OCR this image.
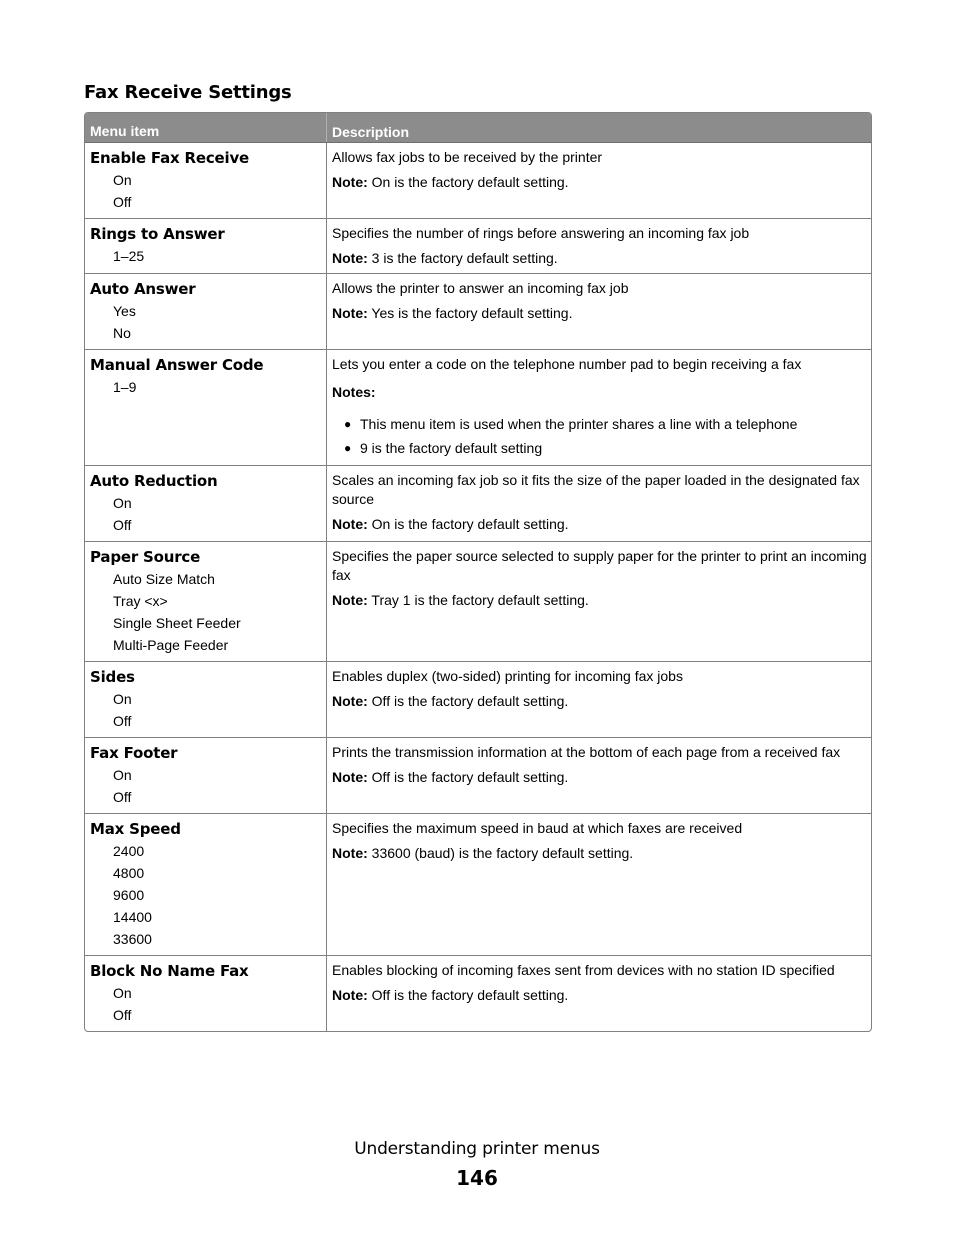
Fax Receive Settings
Menu item	Description
Enable Fax Receive
On
Off
Allows fax jobs to be received by the printer
Note: On is the factory default setting.
Rings to Answer
1–25
Specifies the number of rings before answering an incoming fax job
Note: 3 is the factory default setting.
Auto Answer
Yes
No
Allows the printer to answer an incoming fax job
Note: Yes is the factory default setting.
Manual Answer Code
1–9
Lets you enter a code on the telephone number pad to begin receiving a fax
Notes:
● This menu item is used when the printer shares a line with a telephone
● 9 is the factory default setting
Auto Reduction
On
Off
Scales an incoming fax job so it fits the size of the paper loaded in the designated fax source
Note: On is the factory default setting.
Paper Source
Auto Size Match
Tray <x>
Single Sheet Feeder
Multi-Page Feeder
Specifies the paper source selected to supply paper for the printer to print an incoming fax
Note: Tray 1 is the factory default setting.
Sides
On
Off
Enables duplex (two-sided) printing for incoming fax jobs
Note: Off is the factory default setting.
Fax Footer
On
Off
Prints the transmission information at the bottom of each page from a received fax
Note: Off is the factory default setting.
Max Speed
2400
4800
9600
14400
33600
Specifies the maximum speed in baud at which faxes are received
Note: 33600 (baud) is the factory default setting.
Block No Name Fax
On
Off
Enables blocking of incoming faxes sent from devices with no station ID specified
Note: Off is the factory default setting.
Understanding printer menus
146
